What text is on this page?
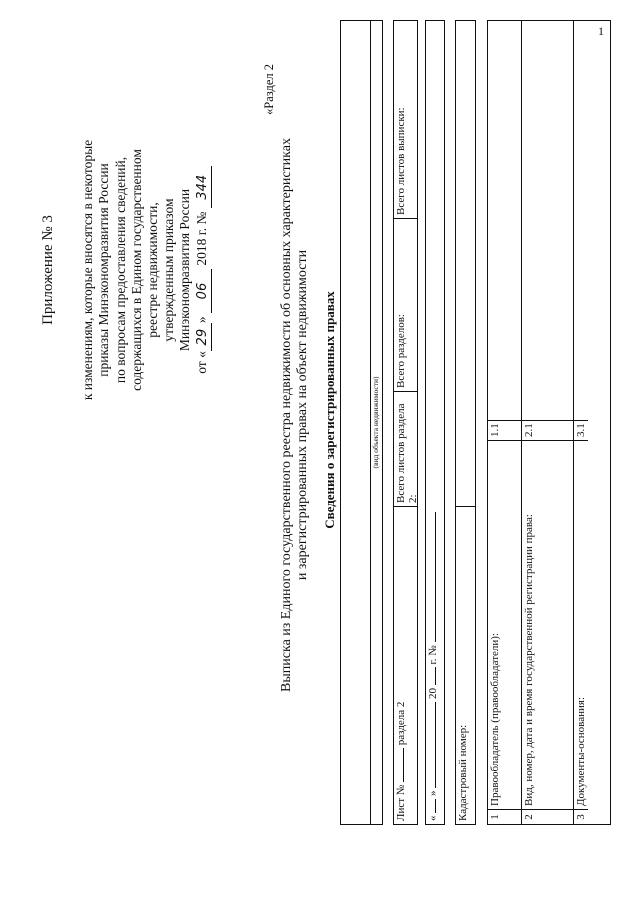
1
Приложение № 3 к изменениям, которые вносятся в некоторые приказы Минэкономразвития России по вопросам предоставления сведений, содержащихся в Едином государственном реестре недвижимости, утвержденным приказом Минэкономразвития России
от «29» 06 2018 г. № 344
«Раздел 2
Выписка из Единого государственного реестра недвижимости об основных характеристиках и зарегистрированных правах на объект недвижимости Сведения о зарегистрированных правах	(вид объекта недвижимости)
Лист №  раздела 2
Всего листов раздела 2:
Всего разделов:
Всего листов выписки:
«  »  20  г. №
Кадастровый номер:	1
Правообладатель (правообладатели):
1.1
2
Вид, номер, дата и время государственной регистрации права:
2.1
3
Документы-основания:
3.1
